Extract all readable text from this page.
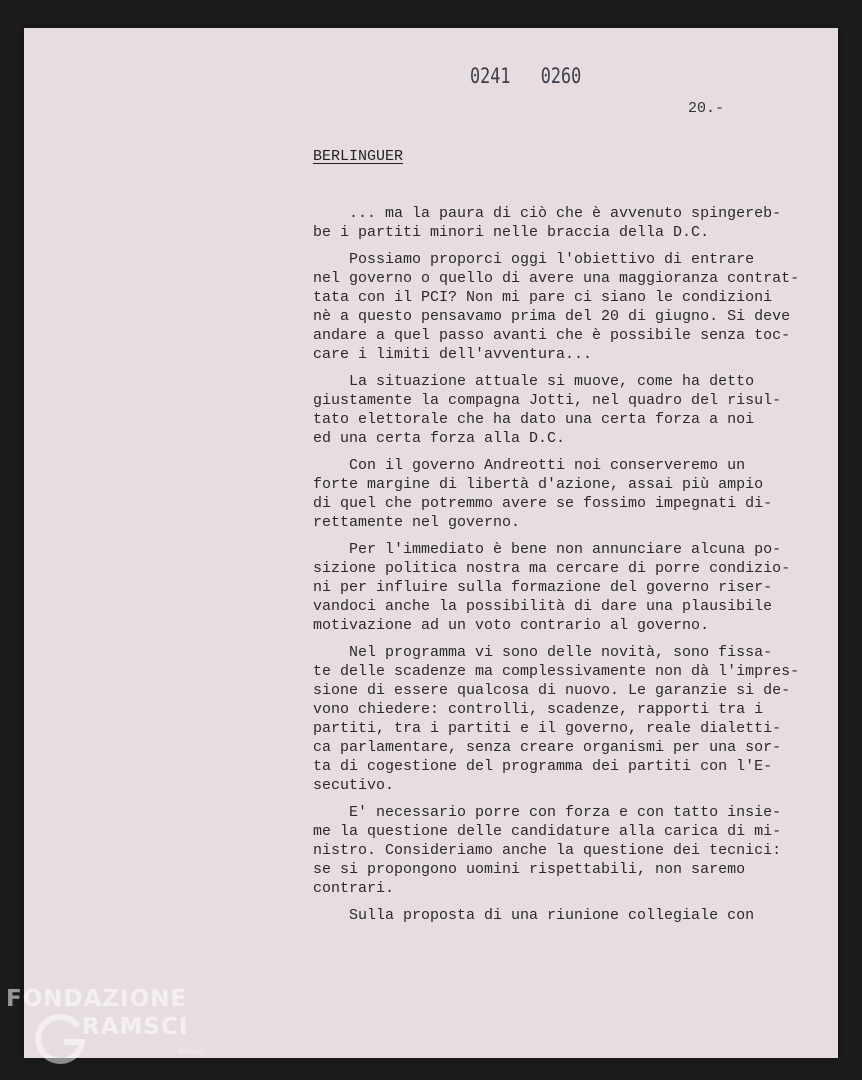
0241   0260
20.-
BERLINGUER
... ma la paura di ciò che è avvenuto spingereb-
be i partiti minori nelle braccia della D.C.
Possiamo proporci oggi l'obiettivo di entrare
nel governo o quello di avere una maggioranza contrat-
tata con il PCI? Non mi pare ci siano le condizioni
nè a questo pensavamo prima del 20 di giugno. Si deve
andare a quel passo avanti che è possibile senza toc-
care i limiti dell'avventura...
La situazione attuale si muove, come ha detto
giustamente la compagna Jotti, nel quadro del risul-
tato elettorale che ha dato una certa forza a noi
ed una certa forza alla D.C.
Con il governo Andreotti noi conserveremo un
forte margine di libertà d'azione, assai più ampio
di quel che potremmo avere se fossimo impegnati di-
rettamente nel governo.
Per l'immediato è bene non annunciare alcuna po-
sizione politica nostra ma cercare di porre condizio-
ni per influire sulla formazione del governo riser-
vandoci anche la possibilità di dare una plausibile
motivazione ad un voto contrario al governo.
Nel programma vi sono delle novità, sono fissa-
te delle scadenze ma complessivamente non dà l'impres-
sione di essere qualcosa di nuovo. Le garanzie si de-
vono chiedere: controlli, scadenze, rapporti tra i
partiti, tra i partiti e il governo, reale dialetti-
ca parlamentare, senza creare organismi per una sor-
ta di cogestione del programma dei partiti con l'E-
secutivo.
E' necessario porre con forza e con tatto insie-
me la questione delle candidature alla carica di mi-
nistro. Consideriamo anche la questione dei tecnici:
se si propongono uomini rispettabili, non saremo
contrari.
Sulla proposta di una riunione collegiale con
FONDAZIONE
RAMSCI
onlus
